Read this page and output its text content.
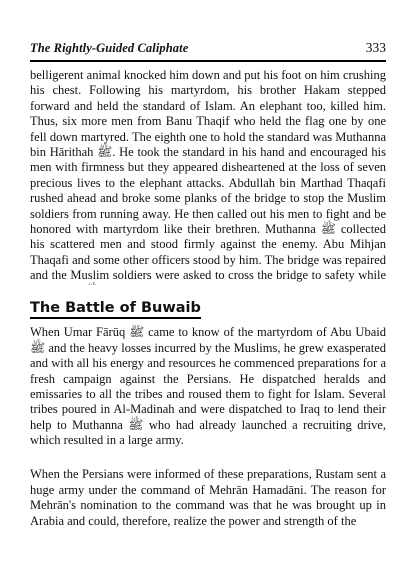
The Rightly-Guided Caliphate	333

belligerent animal knocked him down and put his foot on him crushing his chest. Following his martyrdom, his brother Hakam stepped forward and held the standard of Islam. An elephant too, killed him. Thus, six more men from Banu Thaqif who held the flag one by one fell down martyred. The eighth one to hold the standard was Muthanna bin Hārithah ﷺ. He took the standard in his hand and encouraged his men with firmness but they appeared disheartened at the loss of seven precious lives to the elephant attacks. Abdullah bin Marthad Thaqafi rushed ahead and broke some planks of the bridge to stop the Muslim soldiers from running away. He then called out his men to fight and be honored with martyrdom like their brethren. Muthanna ﷺ collected his scattered men and stood firmly against the enemy. Abu Mihjan Thaqafi and some other officers stood by him. The bridge was repaired and the Muslim soldiers were asked to cross the bridge to safety while

The Battle of Buwaib

When Umar Fārūq ﷺ came to know of the martyrdom of Abu Ubaid ﷺ and the heavy losses incurred by the Muslims, he grew exasperated and with all his energy and resources he commenced preparations for a fresh campaign against the Persians. He dispatched heralds and emissaries to all the tribes and roused them to fight for Islam. Several tribes poured in Al-Madinah and were dispatched to Iraq to lend their help to Muthanna ﷺ who had already launched a recruiting drive, which resulted in a large army.

When the Persians were informed of these preparations, Rustam sent a huge army under the command of Mehrān Hamadāni. The reason for Mehrān's nomination to the command was that he was brought up in Arabia and could, therefore, realize the power and strength of the
